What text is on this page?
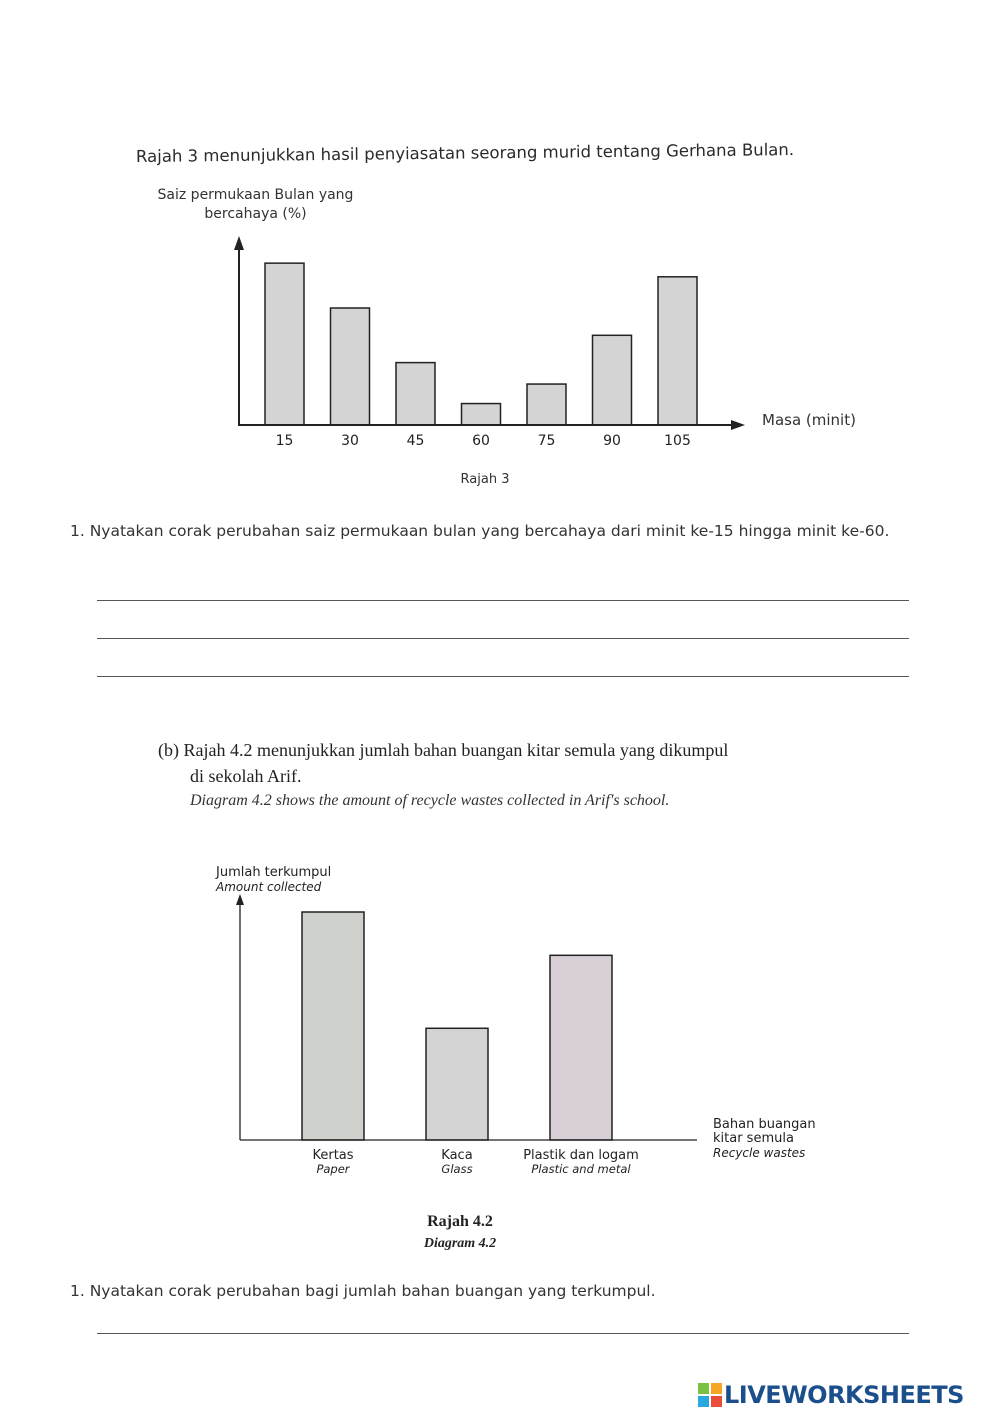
Rajah 3 menunjukkan hasil penyiasatan seorang murid tentang Gerhana Bulan.
Saiz permukaan Bulan yang
bercahaya (%)
15	30	45	60	75	90	105
Masa (minit)
Rajah 3
1. Nyatakan corak perubahan saiz permukaan bulan yang bercahaya dari minit ke-15 hingga minit ke-60.
(b) Rajah 4.2 menunjukkan jumlah bahan buangan kitar semula yang dikumpul
di sekolah Arif.
Diagram 4.2 shows the amount of recycle wastes collected in Arif's school.
Jumlah terkumpul
Amount collected
Kertas
Paper
Kaca
Glass
Plastik dan logam
Plastic and metal
Bahan buangan
kitar semula
Recycle wastes
Rajah 4.2
Diagram 4.2
1. Nyatakan corak perubahan bagi jumlah bahan buangan yang terkumpul.
LIVEWORKSHEETS
